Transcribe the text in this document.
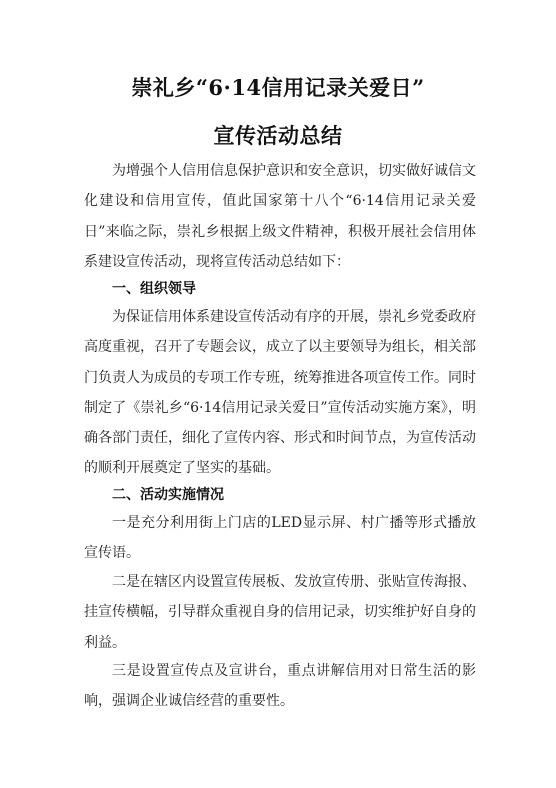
崇礼乡“6·14信用记录关爱日”
宣传活动总结

为增强个人信用信息保护意识和安全意识，切实做好诚信文化建设和信用宣传，值此国家第十八个“6·14信用记录关爱日”来临之际，崇礼乡根据上级文件精神，积极开展社会信用体系建设宣传活动，现将宣传活动总结如下：

一、组织领导

为保证信用体系建设宣传活动有序的开展，崇礼乡党委政府高度重视，召开了专题会议，成立了以主要领导为组长，相关部门负责人为成员的专项工作专班，统筹推进各项宣传工作。同时制定了《崇礼乡“6·14信用记录关爱日”宣传活动实施方案》，明确各部门责任，细化了宣传内容、形式和时间节点，为宣传活动的顺利开展奠定了坚实的基础。

二、活动实施情况

一是充分利用街上门店的LED显示屏、村广播等形式播放宣传语。

二是在辖区内设置宣传展板、发放宣传册、张贴宣传海报、挂宣传横幅，引导群众重视自身的信用记录，切实维护好自身的利益。

三是设置宣传点及宣讲台，重点讲解信用对日常生活的影响，强调企业诚信经营的重要性。
